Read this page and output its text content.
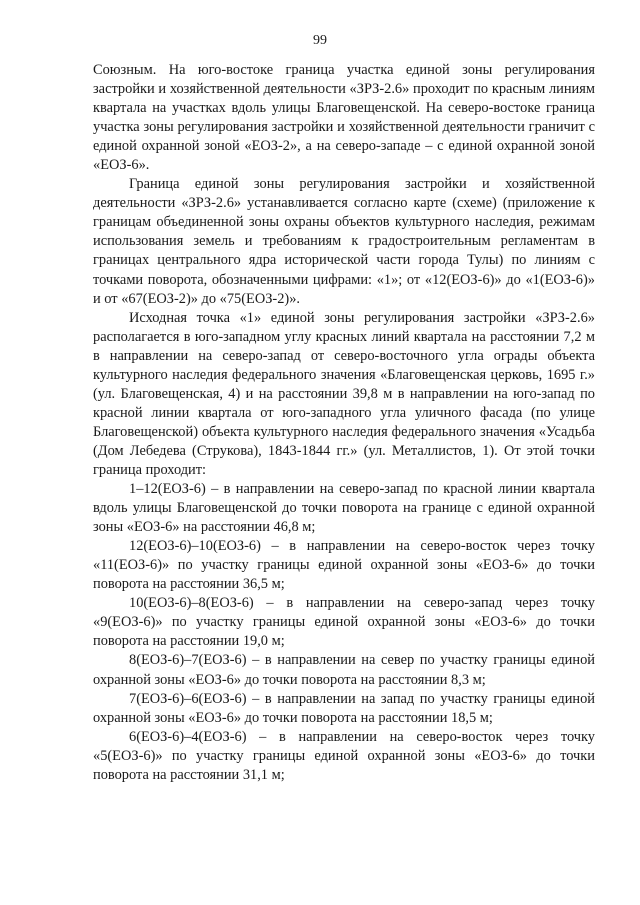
99

Союзным. На юго-востоке граница участка единой зоны регулирования застройки и хозяйственной деятельности «ЗРЗ-2.6» проходит по красным линиям квартала на участках вдоль улицы Благовещенской. На северо-востоке граница участка зоны регулирования застройки и хозяйственной деятельности граничит с единой охранной зоной «ЕОЗ-2», а на северо-западе – с единой охранной зоной «ЕОЗ-6».

Граница единой зоны регулирования застройки и хозяйственной деятельности «ЗРЗ-2.6» устанавливается согласно карте (схеме) (приложение к границам объединенной зоны охраны объектов культурного наследия, режимам использования земель и требованиям к градостроительным регламентам в границах центрального ядра исторической части города Тулы) по линиям с точками поворота, обозначенными цифрами: «1»; от «12(ЕОЗ-6)» до «1(ЕОЗ-6)» и от «67(ЕОЗ-2)» до «75(ЕОЗ-2)».

Исходная точка «1» единой зоны регулирования застройки «ЗРЗ-2.6» располагается в юго-западном углу красных линий квартала на расстоянии 7,2 м в направлении на северо-запад от северо-восточного угла ограды объекта культурного наследия федерального значения «Благовещенская церковь, 1695 г.» (ул. Благовещенская, 4) и на расстоянии 39,8 м в направлении на юго-запад по красной линии квартала от юго-западного угла уличного фасада (по улице Благовещенской) объекта культурного наследия федерального значения «Усадьба (Дом Лебедева (Струкова), 1843-1844 гг.» (ул. Металлистов, 1). От этой точки граница проходит:

1–12(ЕОЗ-6) – в направлении на северо-запад по красной линии квартала вдоль улицы Благовещенской до точки поворота на границе с единой охранной зоны «ЕОЗ-6» на расстоянии 46,8 м;

12(ЕОЗ-6)–10(ЕОЗ-6) – в направлении на северо-восток через точку «11(ЕОЗ-6)» по участку границы единой охранной зоны «ЕОЗ-6» до точки поворота на расстоянии 36,5 м;

10(ЕОЗ-6)–8(ЕОЗ-6) – в направлении на северо-запад через точку «9(ЕОЗ-6)» по участку границы единой охранной зоны «ЕОЗ-6» до точки поворота на расстоянии 19,0 м;

8(ЕОЗ-6)–7(ЕОЗ-6) – в направлении на север по участку границы единой охранной зоны «ЕОЗ-6» до точки поворота на расстоянии 8,3 м;

7(ЕОЗ-6)–6(ЕОЗ-6) – в направлении на запад по участку границы единой охранной зоны «ЕОЗ-6» до точки поворота на расстоянии 18,5 м;

6(ЕОЗ-6)–4(ЕОЗ-6) – в направлении на северо-восток через точку «5(ЕОЗ-6)» по участку границы единой охранной зоны «ЕОЗ-6» до точки поворота на расстоянии 31,1 м;
